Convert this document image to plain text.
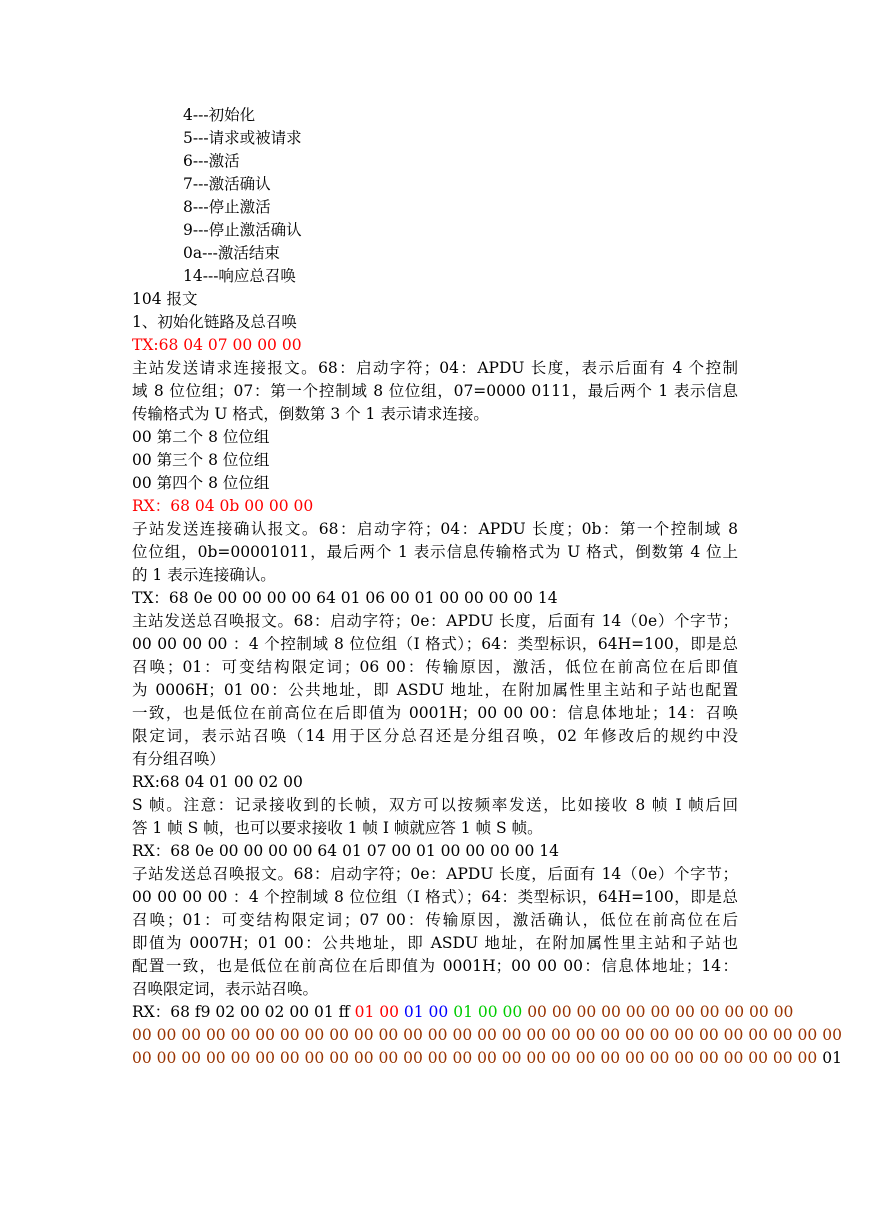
4---初始化
5---请求或被请求
6---激活
7---激活确认
8---停止激活
9---停止激活确认
0a---激活结束
14---响应总召唤
104 报文
1、初始化链路及总召唤
TX:68 04 07 00 00 00
主站发送请求连接报文。68：启动字符；04：APDU 长度，表示后面有 4 个控制
域 8 位位组；07：第一个控制域 8 位位组，07=0000 0111，最后两个 1 表示信息
传输格式为 U 格式，倒数第 3 个 1 表示请求连接。
00 第二个 8 位位组
00 第三个 8 位位组
00 第四个 8 位位组
RX：68 04 0b 00 00 00
子站发送连接确认报文。68：启动字符；04：APDU 长度；0b：第一个控制域 8
位位组，0b=00001011，最后两个 1 表示信息传输格式为 U 格式，倒数第 4 位上
的 1 表示连接确认。
TX：68 0e 00 00 00 00 64 01 06 00 01 00 00 00 00 14
主站发送总召唤报文。68：启动字符；0e：APDU 长度，后面有 14（0e）个字节；
00 00 00 00 ：4 个控制域 8 位位组（I 格式）；64：类型标识，64H=100，即是总
召唤；01：可变结构限定词；06 00：传输原因，激活，低位在前高位在后即值
为 0006H；01 00：公共地址，即 ASDU 地址，在附加属性里主站和子站也配置
一致，也是低位在前高位在后即值为 0001H；00 00 00：信息体地址；14：召唤
限定词，表示站召唤（14 用于区分总召还是分组召唤，02 年修改后的规约中没
有分组召唤）
RX:68 04 01 00 02 00
S 帧。注意：记录接收到的长帧，双方可以按频率发送，比如接收 8 帧 I 帧后回
答 1 帧 S 帧，也可以要求接收 1 帧 I 帧就应答 1 帧 S 帧。
RX：68 0e 00 00 00 00 64 01 07 00 01 00 00 00 00 14
子站发送总召唤报文。68：启动字符；0e：APDU 长度，后面有 14（0e）个字节；
00 00 00 00 ：4 个控制域 8 位位组（I 格式）；64：类型标识，64H=100，即是总
召唤；01：可变结构限定词；07 00：传输原因，激活确认，低位在前高位在后
即值为 0007H；01 00：公共地址，即 ASDU 地址，在附加属性里主站和子站也
配置一致，也是低位在前高位在后即值为 0001H；00 00 00：信息体地址；14：
召唤限定词，表示站召唤。
RX：68 f9 02 00 02 00 01 ff 01 00 01 00 01 00 00 00 00 00 00 00 00 00 00 00 00 00
00 00 00 00 00 00 00 00 00 00 00 00 00 00 00 00 00 00 00 00 00 00 00 00 00 00 00 00 00
00 00 00 00 00 00 00 00 00 00 00 00 00 00 00 00 00 00 00 00 00 00 00 00 00 00 00 00 01
